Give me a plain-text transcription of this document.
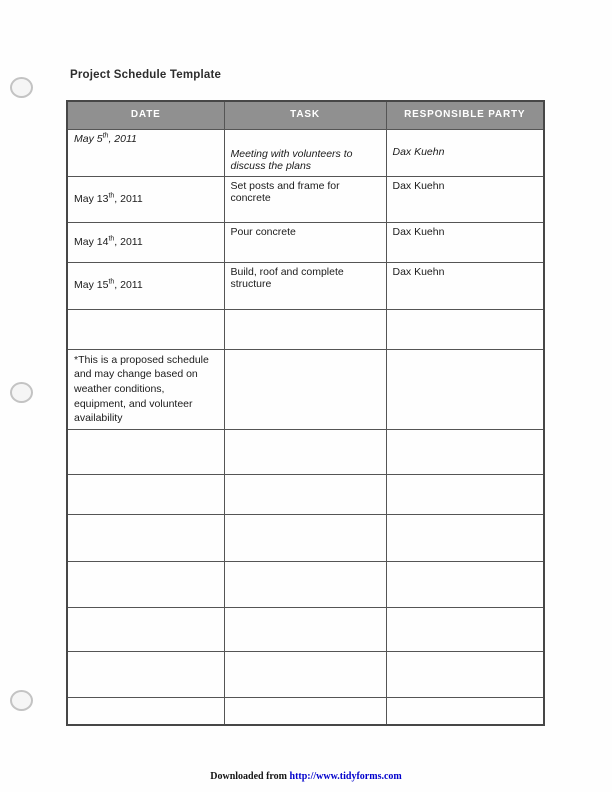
Project Schedule Template
DATE	TASK	RESPONSIBLE PARTY
May 5th, 2011	Meeting with volunteers to discuss the plans	Dax Kuehn
May 13th, 2011	Set posts and frame for concrete	Dax Kuehn
May 14th, 2011	Pour concrete	Dax Kuehn
May 15th, 2011	Build, roof and complete structure	Dax Kuehn

*This is a proposed schedule and may change based on weather conditions, equipment, and volunteer availability		

Downloaded from http://www.tidyforms.com
